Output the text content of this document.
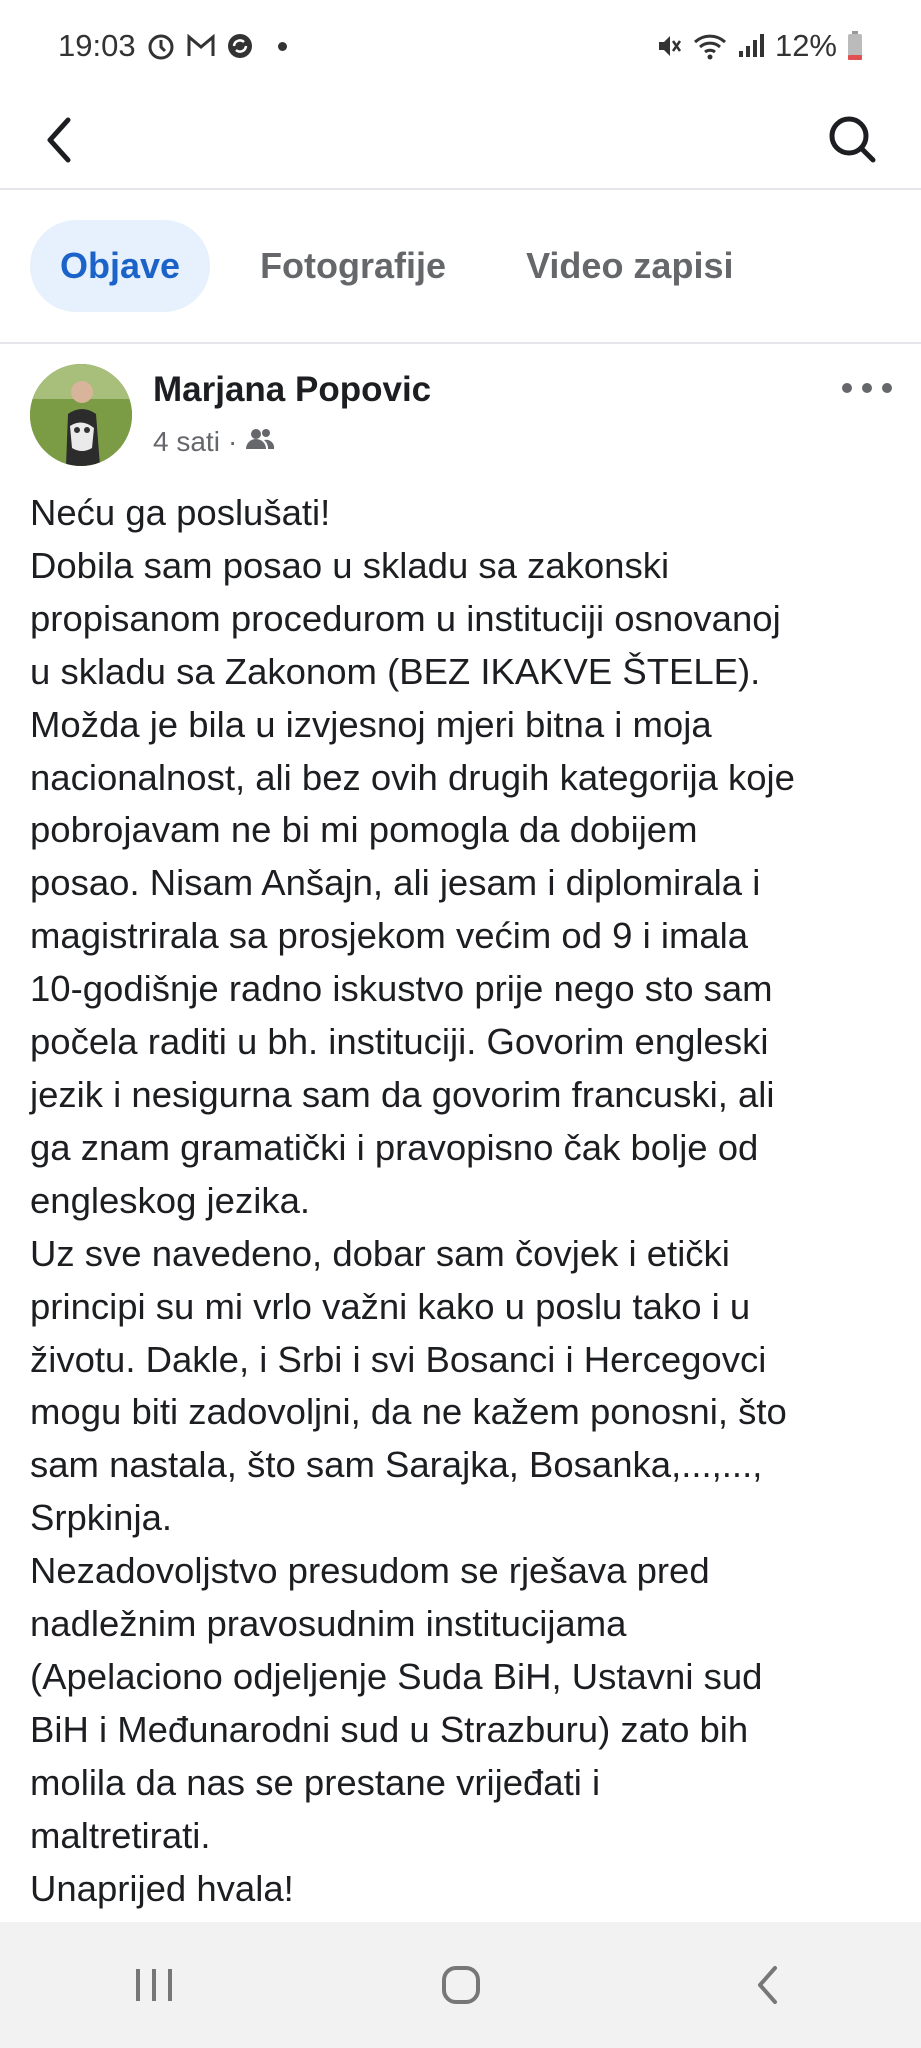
19:03	12%
Objave	Fotografije	Video zapisi
Marjana Popovic
4 sati ·
Neću ga poslušati!
Dobila sam posao u skladu sa zakonski
propisanom procedurom u instituciji osnovanoj
u skladu sa Zakonom (BEZ IKAKVE ŠTELE).
Možda je bila u izvjesnoj mjeri bitna i moja
nacionalnost, ali bez ovih drugih kategorija koje
pobrojavam ne bi mi pomogla da dobijem
posao. Nisam Anšajn, ali jesam i diplomirala i
magistrirala sa prosjekom većim od 9 i imala
10-godišnje radno iskustvo prije nego sto sam
počela raditi u bh. instituciji. Govorim engleski
jezik i nesigurna sam da govorim francuski, ali
ga znam gramatički i pravopisno čak bolje od
engleskog jezika.
Uz sve navedeno, dobar sam čovjek i etički
principi su mi vrlo važni kako u poslu tako i u
životu. Dakle, i Srbi i svi Bosanci i Hercegovci
mogu biti zadovoljni, da ne kažem ponosni, što
sam nastala, što sam Sarajka, Bosanka,...,...,
Srpkinja.
Nezadovoljstvo presudom se rješava pred
nadležnim pravosudnim institucijama
(Apelaciono odjeljenje Suda BiH, Ustavni sud
BiH i Međunarodni sud u Strazburu) zato bih
molila da nas se prestane vrijeđati i
maltretirati.
Unaprijed hvala!
